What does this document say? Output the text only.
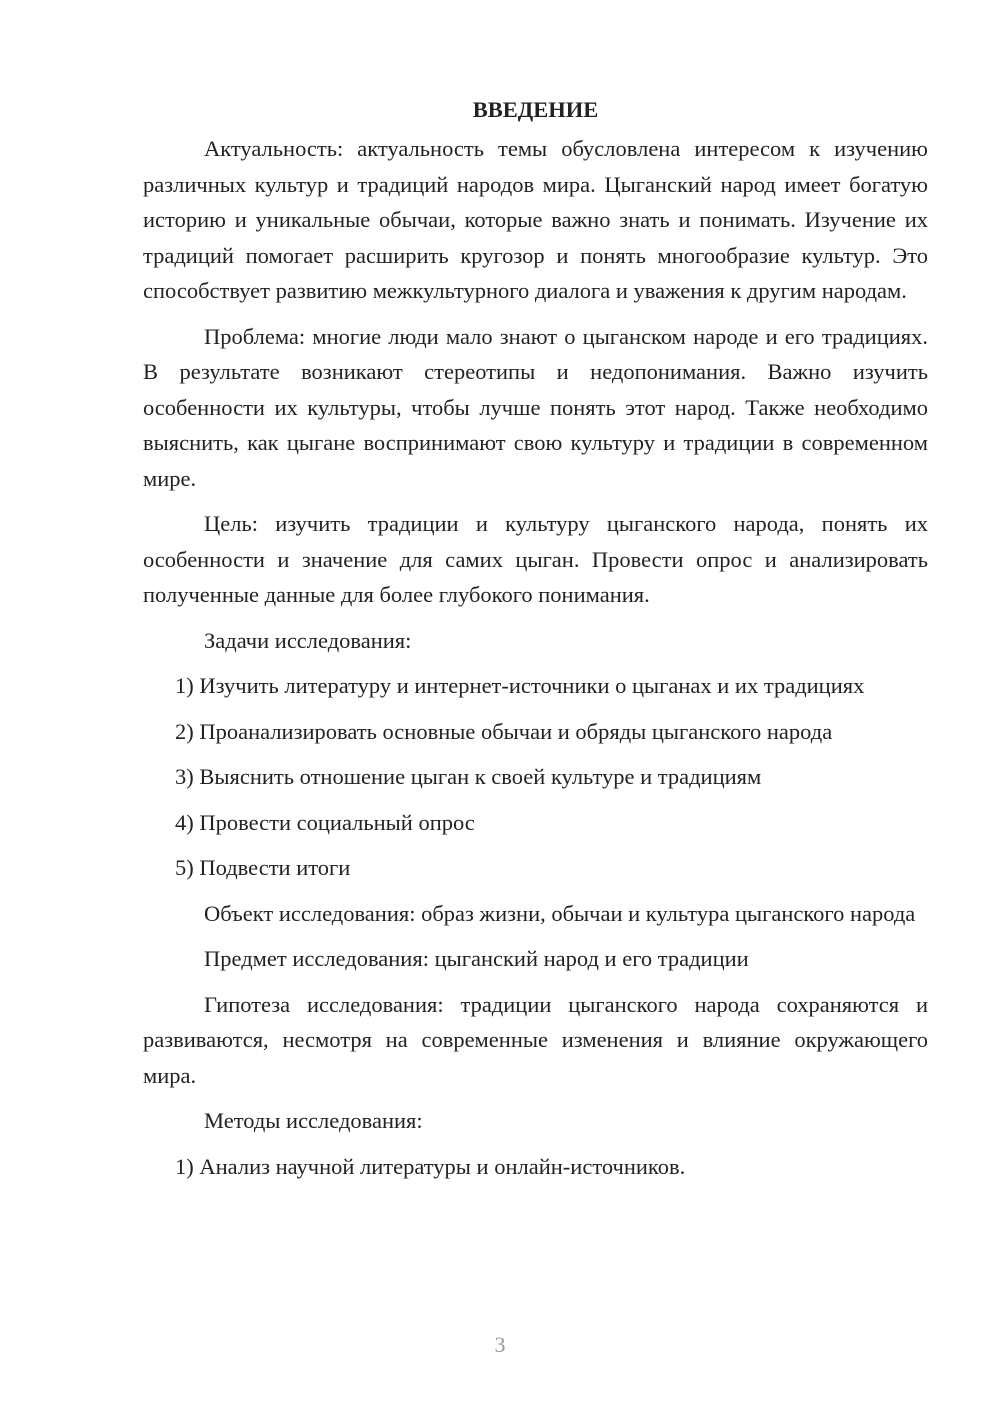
ВВЕДЕНИЕ

Актуальность: актуальность темы обусловлена интересом к изучению различных культур и традиций народов мира. Цыганский народ имеет богатую историю и уникальные обычаи, которые важно знать и понимать. Изучение их традиций помогает расширить кругозор и понять многообразие культур. Это способствует развитию межкультурного диалога и уважения к другим народам.

Проблема: многие люди мало знают о цыганском народе и его традициях. В результате возникают стереотипы и недопонимания. Важно изучить особенности их культуры, чтобы лучше понять этот народ. Также необходимо выяснить, как цыгане воспринимают свою культуру и традиции в современном мире.

Цель: изучить традиции и культуру цыганского народа, понять их особенности и значение для самих цыган. Провести опрос и анализировать полученные данные для более глубокого понимания.

Задачи исследования:

1) Изучить литературу и интернет-источники о цыганах и их традициях

2) Проанализировать основные обычаи и обряды цыганского народа

3) Выяснить отношение цыган к своей культуре и традициям

4) Провести социальный опрос

5) Подвести итоги

Объект исследования: образ жизни, обычаи и культура цыганского народа

Предмет исследования: цыганский народ и его традиции

Гипотеза исследования: традиции цыганского народа сохраняются и развиваются, несмотря на современные изменения и влияние окружающего мира.

Методы исследования:

1) Анализ научной литературы и онлайн-источников.

3
